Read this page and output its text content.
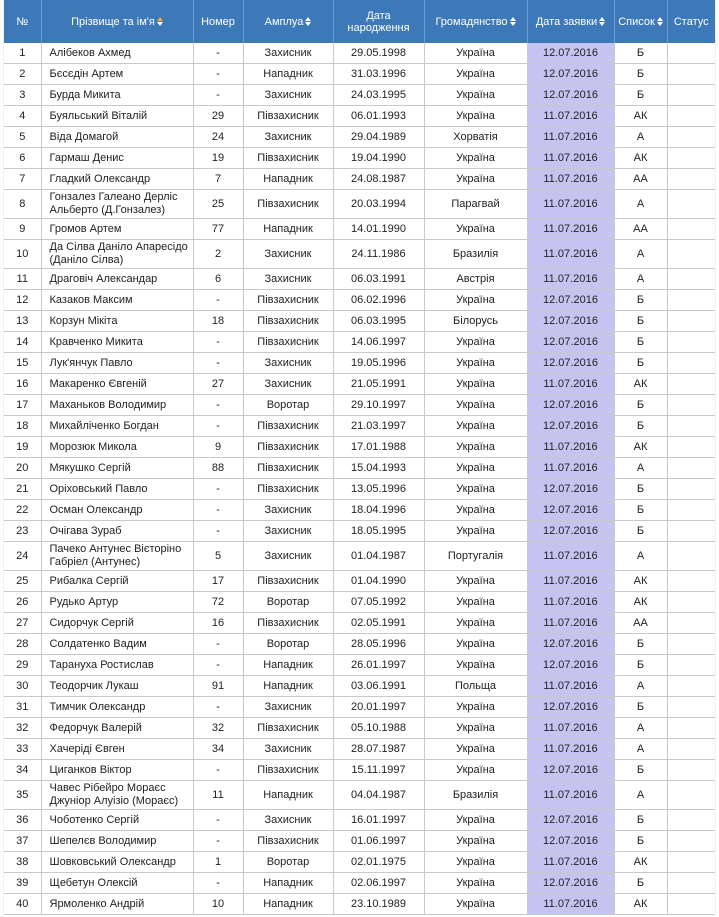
№	Прізвище та ім'я	Номер	Амплуа	Дата народження	Громадянство	Дата заявки	Список	Статус
1	Алібеков Ахмед	-	Захисник	29.05.1998	Україна	12.07.2016	Б	
2	Бєсєдін Артем	-	Нападник	31.03.1996	Україна	12.07.2016	Б	
3	Бурда Микита	-	Захисник	24.03.1995	Україна	12.07.2016	Б	
4	Буяльський Віталій	29	Півзахисник	06.01.1993	Україна	11.07.2016	АК	
5	Віда Домагой	24	Захисник	29.04.1989	Хорватія	11.07.2016	А	
6	Гармаш Денис	19	Півзахисник	19.04.1990	Україна	11.07.2016	АК	
7	Гладкий Олександр	7	Нападник	24.08.1987	Україна	11.07.2016	АА	
8	Гонзалез Галеано Дерліс Альберто (Д.Гонзалез)	25	Півзахисник	20.03.1994	Парагвай	11.07.2016	А	
9	Громов Артем	77	Нападник	14.01.1990	Україна	11.07.2016	АА	
10	Да Сілва Даніло Апаресідо (Даніло Сілва)	2	Захисник	24.11.1986	Бразилія	11.07.2016	А	
11	Драговіч Александар	6	Захисник	06.03.1991	Австрія	11.07.2016	А	
12	Казаков Максим	-	Півзахисник	06.02.1996	Україна	12.07.2016	Б	
13	Корзун Мікіта	18	Півзахисник	06.03.1995	Білорусь	12.07.2016	Б	
14	Кравченко Микита	-	Півзахисник	14.06.1997	Україна	12.07.2016	Б	
15	Лук'янчук Павло	-	Захисник	19.05.1996	Україна	12.07.2016	Б	
16	Макаренко Євгеній	27	Захисник	21.05.1991	Україна	11.07.2016	АК	
17	Маханьков Володимир	-	Воротар	29.10.1997	Україна	12.07.2016	Б	
18	Михайліченко Богдан	-	Півзахисник	21.03.1997	Україна	12.07.2016	Б	
19	Морозюк Микола	9	Півзахисник	17.01.1988	Україна	11.07.2016	АК	
20	Мякушко Сергій	88	Півзахисник	15.04.1993	Україна	11.07.2016	А	
21	Оріховський Павло	-	Півзахисник	13.05.1996	Україна	12.07.2016	Б	
22	Осман Олександр	-	Захисник	18.04.1996	Україна	12.07.2016	Б	
23	Очігава Зураб	-	Захисник	18.05.1995	Україна	12.07.2016	Б	
24	Пачеко Антунес Вієторіно Габріел (Антунес)	5	Захисник	01.04.1987	Португалія	11.07.2016	А	
25	Рибалка Сергій	17	Півзахисник	01.04.1990	Україна	11.07.2016	АК	
26	Рудько Артур	72	Воротар	07.05.1992	Україна	11.07.2016	АК	
27	Сидорчук Сергій	16	Півзахисник	02.05.1991	Україна	11.07.2016	АА	
28	Солдатенко Вадим	-	Воротар	28.05.1996	Україна	12.07.2016	Б	
29	Тарануха Ростислав	-	Нападник	26.01.1997	Україна	12.07.2016	Б	
30	Теодорчик Лукаш	91	Нападник	03.06.1991	Польща	11.07.2016	А	
31	Тимчик Олександр	-	Захисник	20.01.1997	Україна	12.07.2016	Б	
32	Федорчук Валерій	32	Півзахисник	05.10.1988	Україна	11.07.2016	А	
33	Хачеріді Євген	34	Захисник	28.07.1987	Україна	11.07.2016	А	
34	Циганков Віктор	-	Півзахисник	15.11.1997	Україна	12.07.2016	Б	
35	Чавес Рібейро Мораєс Джуніор Алуізіо (Мораєс)	11	Нападник	04.04.1987	Бразилія	11.07.2016	А	
36	Чоботенко Сергій	-	Захисник	16.01.1997	Україна	12.07.2016	Б	
37	Шепелєв Володимир	-	Півзахисник	01.06.1997	Україна	12.07.2016	Б	
38	Шовковський Олександр	1	Воротар	02.01.1975	Україна	11.07.2016	АК	
39	Щебетун Олексій	-	Нападник	02.06.1997	Україна	12.07.2016	Б	
40	Ярмоленко Андрій	10	Нападник	23.10.1989	Україна	11.07.2016	АК	
